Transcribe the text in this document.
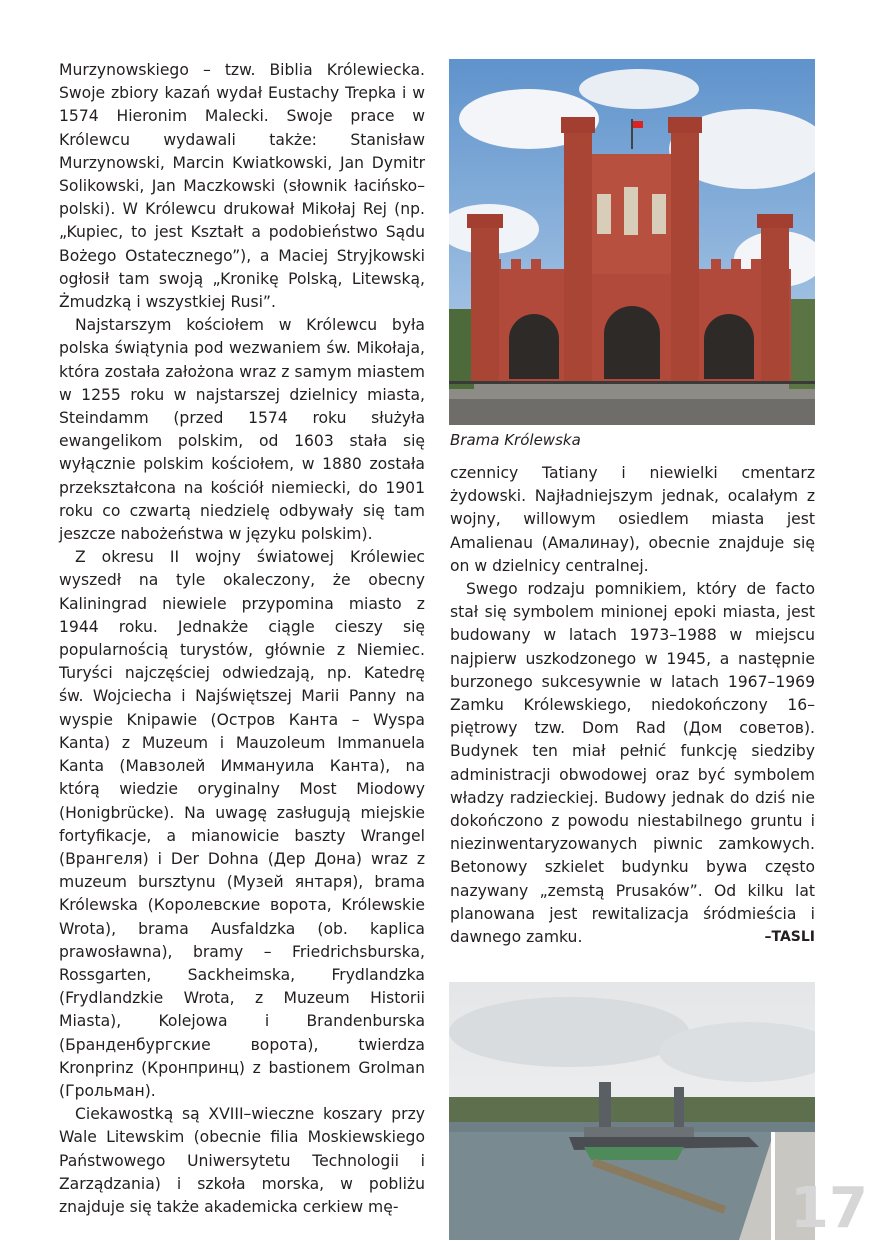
Murzynowskiego – tzw. Biblia Królewiecka. Swoje zbiory kazań wydał Eustachy Trepka i w 1574 Hieronim Malecki. Swoje prace w Królewcu wydawali także: Stanisław Murzynowski, Marcin Kwiatkowski, Jan Dymitr Solikowski, Jan Maczkowski (słownik łacińsko–polski). W Królewcu drukował Mikołaj Rej (np. „Kupiec, to jest Kształt a podobieństwo Sądu Bożego Ostatecznego”), a Maciej Stryjkowski ogłosił tam swoją „Kronikę Polską, Litewską, Żmudzką i wszystkiej Rusi”.

Najstarszym kościołem w Królewcu była polska świątynia pod wezwaniem św. Mikołaja, która została założona wraz z samym miastem w 1255 roku w najstarszej dzielnicy miasta, Steindamm (przed 1574 roku służyła ewangelikom polskim, od 1603 stała się wyłącznie polskim kościołem, w 1880 została przekształcona na kościół niemiecki, do 1901 roku co czwartą niedzielę odbywały się tam jeszcze nabożeństwa w języku polskim).

Z okresu II wojny światowej Królewiec wyszedł na tyle okaleczony, że obecny Kaliningrad niewiele przypomina miasto z 1944 roku. Jednakże ciągle cieszy się popularnością turystów, głównie z Niemiec. Turyści najczęściej odwiedzają, np. Katedrę św. Wojciecha i Najświętszej Marii Panny na wyspie Knipawie (Остров Канта – Wyspa Kanta) z Muzeum i Mauzoleum Immanuela Kanta (Мавзолей Иммануила Канта), na którą wiedzie oryginalny Most Miodowy (Honigbrücke). Na uwagę zasługują miejskie fortyfikacje, a mianowicie baszty Wrangel (Врангеля) i Der Dohna (Дер Дона) wraz z muzeum bursztynu (Музей янтаря), brama Królewska (Королевские ворота, Królewskie Wrota), brama Ausfaldzka (ob. kaplica prawosławna), bramy – Friedrichsburska, Rossgarten, Sackheimska, Frydlandzka (Frydlandzkie Wrota, z Muzeum Historii Miasta), Kolejowa i Brandenburska (Бранденбургские ворота), twierdza Kronprinz (Кронпринц) z bastionem Grolman (Грольман).

Ciekawostką są XVIII–wieczne koszary przy Wale Litewskim (obecnie filia Moskiewskiego Państwowego Uniwersytetu Technologii i Zarządzania) i szkoła morska, w pobliżu znajduje się także akademicka cerkiew mę-

Brama Królewska

czennicy Tatiany i niewielki cmentarz żydowski. Najładniejszym jednak, ocalałym z wojny, willowym osiedlem miasta jest Amalienau (Амалинау), obecnie znajduje się on w dzielnicy centralnej.

Swego rodzaju pomnikiem, który de facto stał się symbolem minionej epoki miasta, jest budowany w latach 1973–1988 w miejscu najpierw uszkodzonego w 1945, a następnie burzonego sukcesywnie w latach 1967–1969 Zamku Królewskiego, niedokończony 16–piętrowy tzw. Dom Rad (Дом советов). Budynek ten miał pełnić funkcję siedziby administracji obwodowej oraz być symbolem władzy radzieckiej. Budowy jednak do dziś nie dokończono z powodu niestabilnego gruntu i niezinwentaryzowanych piwnic zamkowych. Betonowy szkielet budynku bywa często nazywany „zemstą Prusaków”. Od kilku lat planowana jest rewitalizacja śródmieścia i dawnego zamku.	–TASLI

17
